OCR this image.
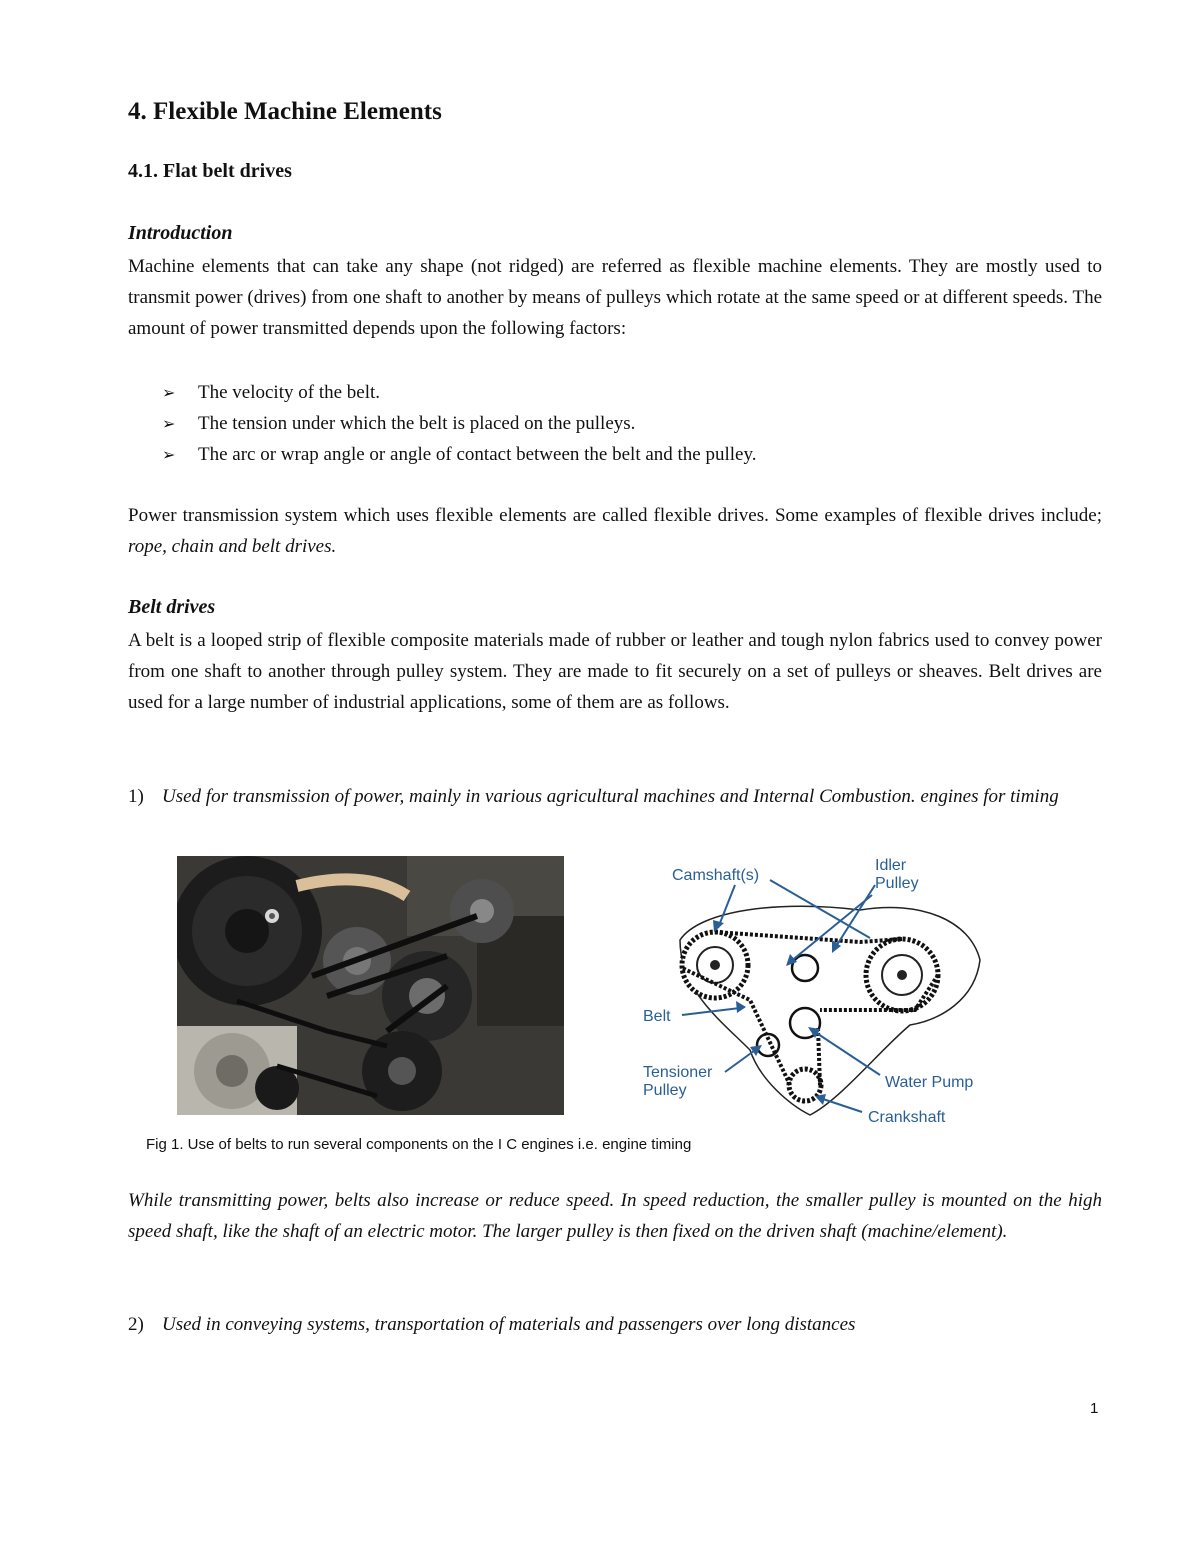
4. Flexible Machine Elements
4.1. Flat belt drives
Introduction
Machine elements that can take any shape (not ridged) are referred as flexible machine elements. They are mostly used to transmit power (drives) from one shaft to another by means of pulleys which rotate at the same speed or at different speeds. The amount of power transmitted depends upon the following factors:
➢ The velocity of the belt.
➢ The tension under which the belt is placed on the pulleys.
➢ The arc or wrap angle or angle of contact between the belt and the pulley.
Power transmission system which uses flexible elements are called flexible drives. Some examples of flexible drives include; rope, chain and belt drives.
Belt drives
A belt is a looped strip of flexible composite materials made of rubber or leather and tough nylon fabrics used to convey power from one shaft to another through pulley system. They are made to fit securely on a set of pulleys or sheaves. Belt drives are used for a large number of industrial applications, some of them are as follows.
1) Used for transmission of power, mainly in various agricultural machines and Internal Combustion. engines for timing
Camshaft(s)
Idler
Pulley
Belt
Tensioner
Pulley	Water Pump
Crankshaft
Fig 1. Use of belts to run several components on the I C engines i.e. engine timing
While transmitting power, belts also increase or reduce speed. In speed reduction, the smaller pulley is mounted on the high speed shaft, like the shaft of an electric motor. The larger pulley is then fixed on the driven shaft (machine/element).
2) Used in conveying systems, transportation of materials and passengers over long distances
1
